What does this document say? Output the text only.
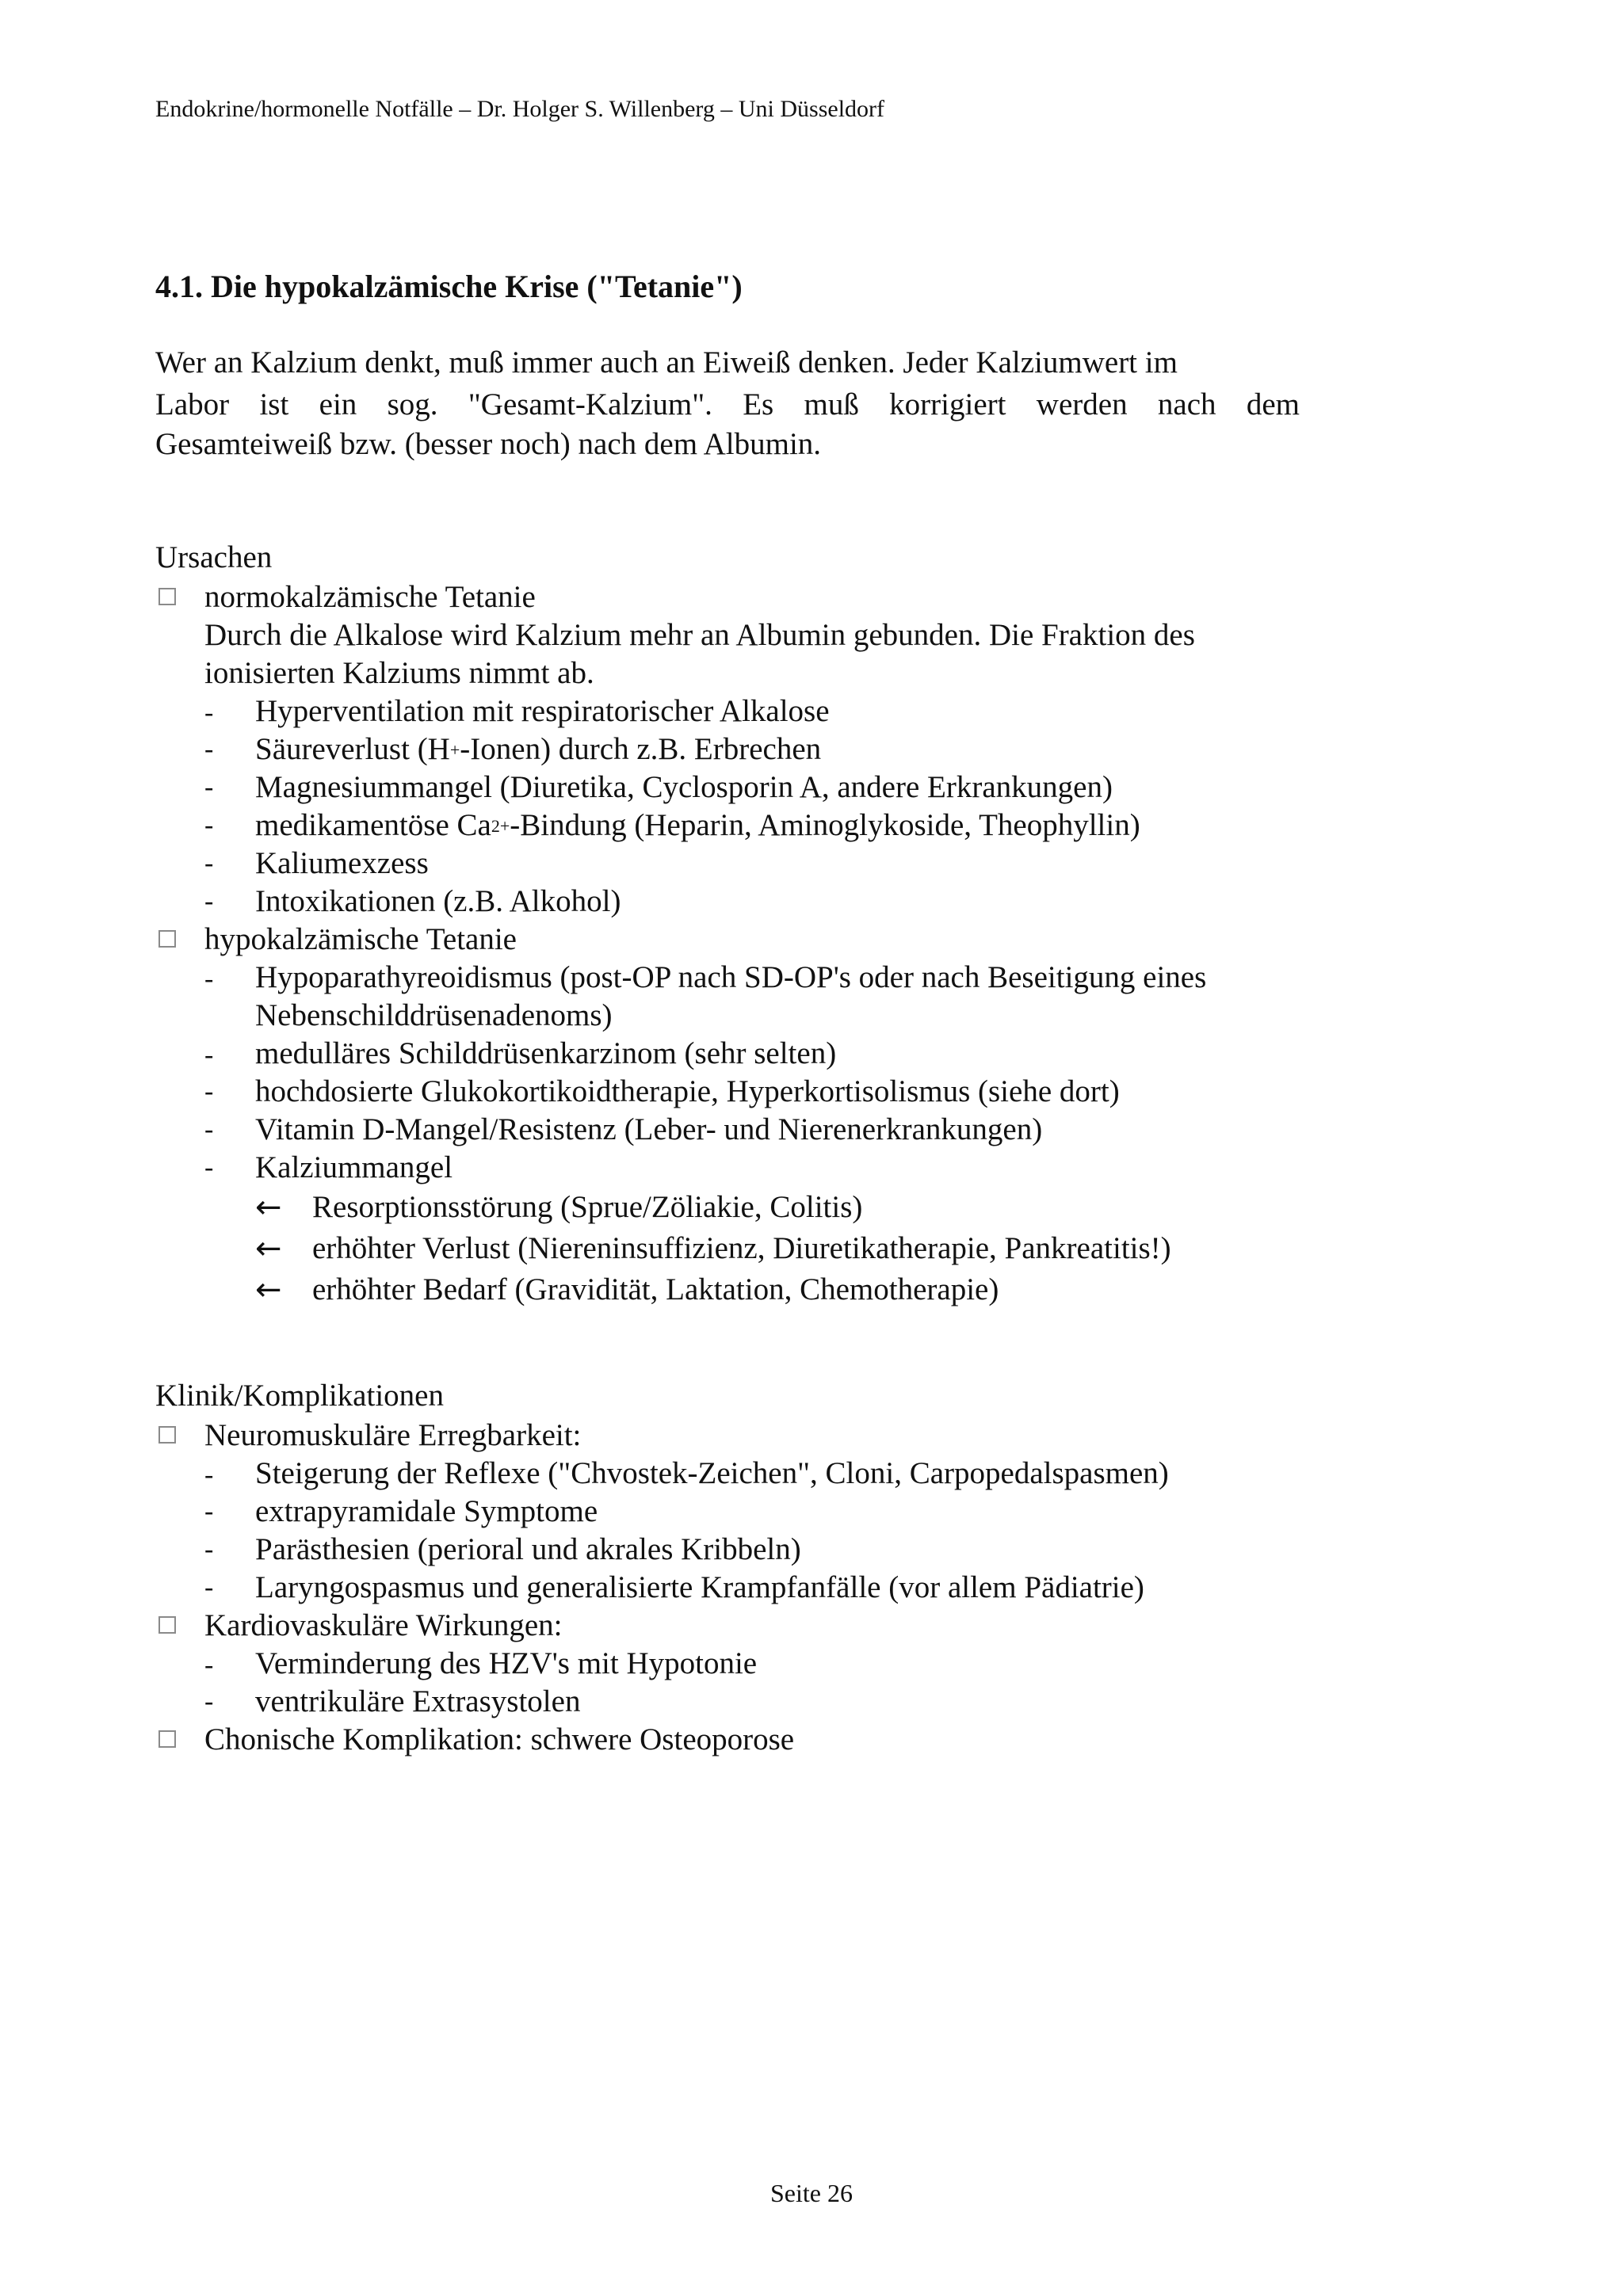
Endokrine/hormonelle Notfälle – Dr. Holger S. Willenberg – Uni Düsseldorf
4.1. Die hypokalzämische Krise ("Tetanie")
Wer an Kalzium denkt, muß immer auch an Eiweiß denken. Jeder Kalziumwert im
Labor ist ein sog. "Gesamt-Kalzium". Es muß korrigiert werden nach dem
Gesamteiweiß bzw. (besser noch) nach dem Albumin.
Ursachen
normokalzämische Tetanie
Durch die Alkalose wird Kalzium mehr an Albumin gebunden. Die Fraktion des
ionisierten Kalziums nimmt ab.
- Hyperventilation mit respiratorischer Alkalose
- Säureverlust $(H_+-Ionen)$ durch z.B. Erbrechen
- Magnesiummangel (Diuretika, Cyclosporin A, andere Erkrankungen)
- medikamentöse $Ca_{2+}$-Bindung (Heparin, Aminoglykoside, Theophyllin)
- Kaliumexzess
- Intoxikationen (z.B. Alkohol)
hypokalzämische Tetanie
- Hypoparathyreoidismus (post-OP nach SD-OP's oder nach Beseitigung eines
Nebenschilddrüsenadenoms)
- medulläres Schilddrüsenkarzinom (sehr selten)
- hochdosierte Glukokortikoidtherapie, Hyperkortisolismus (siehe dort)
- Vitamin D-Mangel/Resistenz (Leber- und Nierenerkrankungen)
- Kalziummangel
← Resorptionsstörung (Sprue/Zöliakie, Colitis)
← erhöhter Verlust (Niereninsuffizienz, Diuretikatherapie, Pankreatitis!)
← erhöhter Bedarf (Gravidität, Laktation, Chemotherapie)
Klinik/Komplikationen
Neuromuskuläre Erregbarkeit:
- Steigerung der Reflexe ("Chvostek-Zeichen", Cloni, Carpopedalspasmen)
- extrapyramidale Symptome
- Parästhesien (perioral und akrales Kribbeln)
- Laryngospasmus und generalisierte Krampfanfälle (vor allem Pädiatrie)
Kardiovaskuläre Wirkungen:
- Verminderung des HZV's mit Hypotonie
- ventrikuläre Extrasystolen
Chonische Komplikation: schwere Osteoporose
Seite 26
